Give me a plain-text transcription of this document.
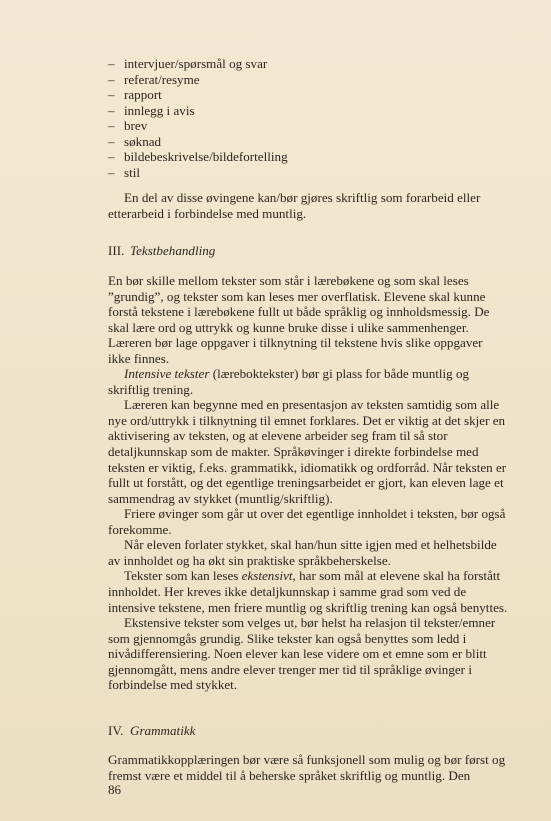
– intervjuer/spørsmål og svar
– referat/resyme
– rapport
– innlegg i avis
– brev
– søknad
– bildebeskrivelse/bildefortelling
– stil

En del av disse øvingene kan/bør gjøres skriftlig som forarbeid eller etterarbeid i forbindelse med muntlig.

III. Tekstbehandling

En bør skille mellom tekster som står i lærebøkene og som skal leses ”grundig”, og tekster som kan leses mer overflatisk. Elevene skal kunne forstå tekstene i lærebøkene fullt ut både språklig og innholdsmessig. De skal lære ord og uttrykk og kunne bruke disse i ulike sammenhenger. Læreren bør lage oppgaver i tilknytning til tekstene hvis slike oppgaver ikke finnes.

Intensive tekster (læreboktekster) bør gi plass for både muntlig og skriftlig trening.

Læreren kan begynne med en presentasjon av teksten samtidig som alle nye ord/uttrykk i tilknytning til emnet forklares. Det er viktig at det skjer en aktivisering av teksten, og at elevene arbeider seg fram til så stor detaljkunnskap som de makter. Språkøvinger i direkte forbindelse med teksten er viktig, f.eks. grammatikk, idiomatikk og ordforråd. Når teksten er fullt ut forstått, og det egentlige treningsarbeidet er gjort, kan eleven lage et sammendrag av stykket (muntlig/skriftlig).

Friere øvinger som går ut over det egentlige innholdet i teksten, bør også forekomme.

Når eleven forlater stykket, skal han/hun sitte igjen med et helhetsbilde av innholdet og ha økt sin praktiske språkbeherskelse.

Tekster som kan leses ekstensivt, har som mål at elevene skal ha forstått innholdet. Her kreves ikke detaljkunnskap i samme grad som ved de intensive tekstene, men friere muntlig og skriftlig trening kan også benyttes.

Ekstensive tekster som velges ut, bør helst ha relasjon til tekster/emner som gjennomgås grundig. Slike tekster kan også benyttes som ledd i nivådifferensiering. Noen elever kan lese videre om et emne som er blitt gjennomgått, mens andre elever trenger mer tid til språklige øvinger i forbindelse med stykket.

IV. Grammatikk

Grammatikkopplæringen bør være så funksjonell som mulig og bør først og fremst være et middel til å beherske språket skriftlig og muntlig. Den

86
